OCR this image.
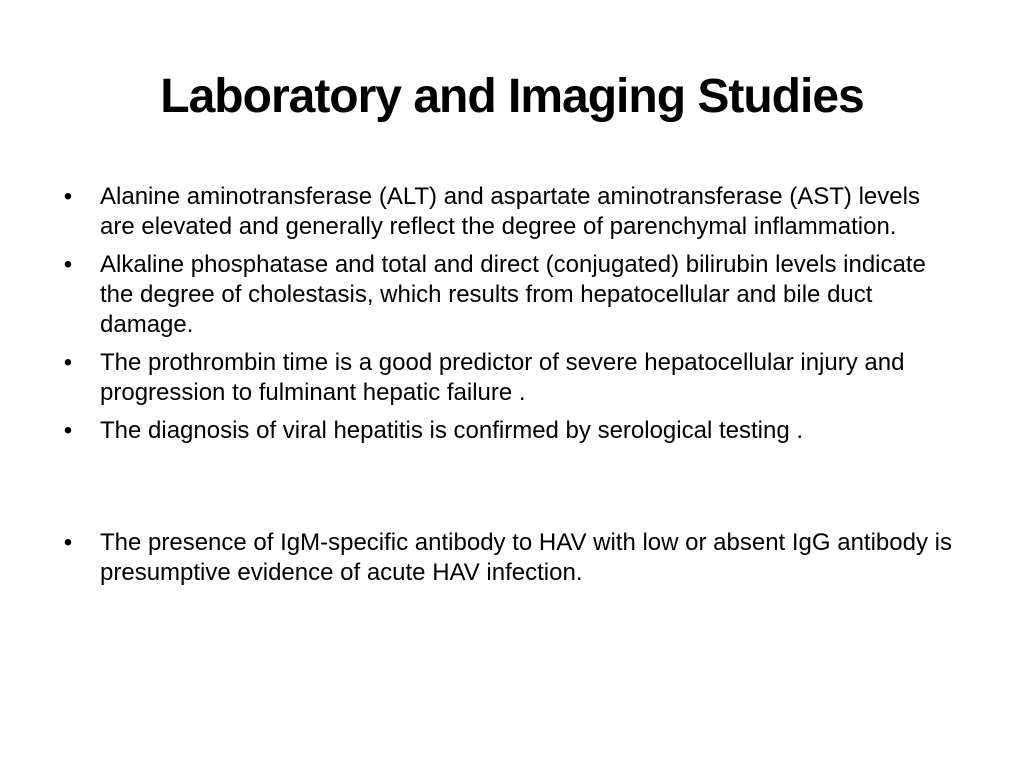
Laboratory and Imaging Studies
• Alanine aminotransferase (ALT) and aspartate aminotransferase (AST) levels are elevated and generally reflect the degree of parenchymal inflammation.
• Alkaline phosphatase and total and direct (conjugated) bilirubin levels indicate the degree of cholestasis, which results from hepatocellular and bile duct damage.
• The prothrombin time is a good predictor of severe hepatocellular injury and progression to fulminant hepatic failure .
• The diagnosis of viral hepatitis is confirmed by serological testing .
• The presence of IgM-specific antibody to HAV with low or absent IgG antibody is presumptive evidence of acute HAV infection.
